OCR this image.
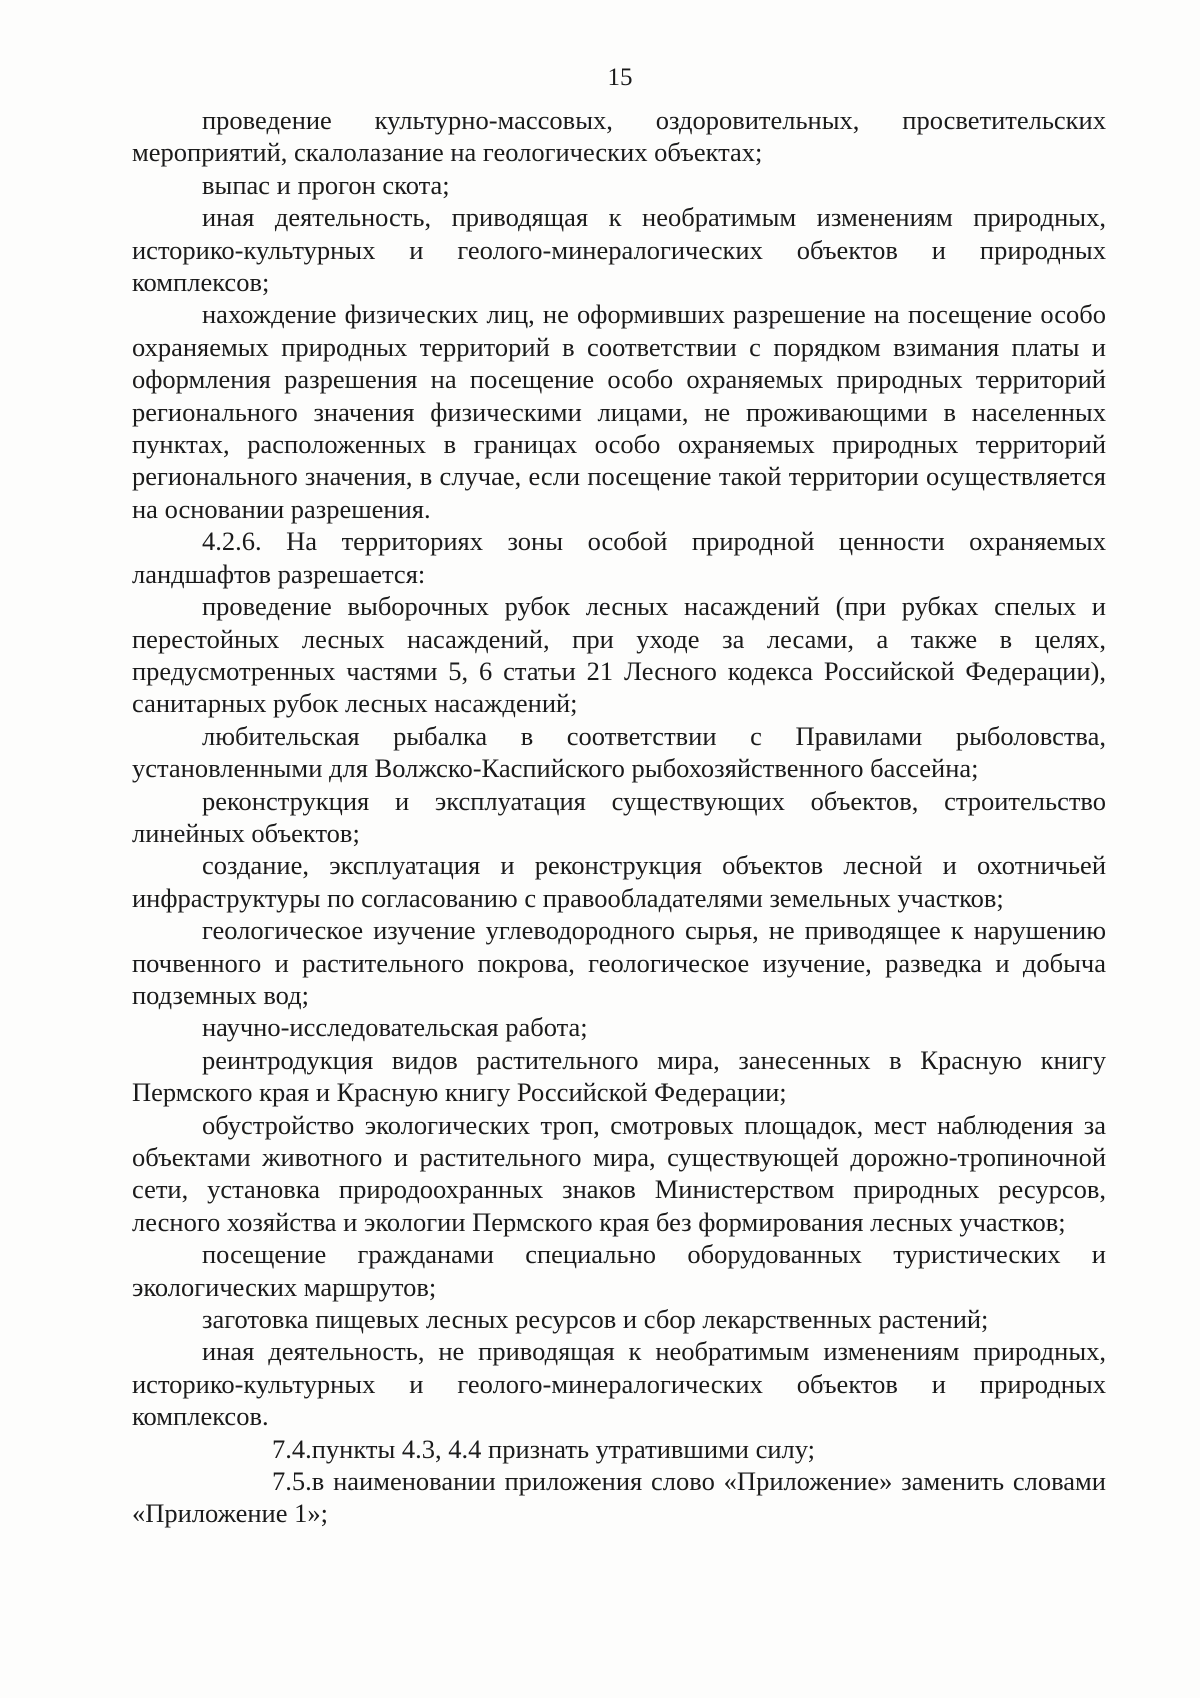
15

проведение культурно-массовых, оздоровительных, просветительских мероприятий, скалолазание на геологических объектах;

выпас и прогон скота;

иная деятельность, приводящая к необратимым изменениям природных, историко-культурных и геолого-минералогических объектов и природных комплексов;

нахождение физических лиц, не оформивших разрешение на посещение особо охраняемых природных территорий в соответствии с порядком взимания платы и оформления разрешения на посещение особо охраняемых природных территорий регионального значения физическими лицами, не проживающими в населенных пунктах, расположенных в границах особо охраняемых природных территорий регионального значения, в случае, если посещение такой территории осуществляется на основании разрешения.

4.2.6. На территориях зоны особой природной ценности охраняемых ландшафтов разрешается:

проведение выборочных рубок лесных насаждений (при рубках спелых и перестойных лесных насаждений, при уходе за лесами, а также в целях, предусмотренных частями 5, 6 статьи 21 Лесного кодекса Российской Федерации), санитарных рубок лесных насаждений;

любительская рыбалка в соответствии с Правилами рыболовства, установленными для Волжско-Каспийского рыбохозяйственного бассейна;

реконструкция и эксплуатация существующих объектов, строительство линейных объектов;

создание, эксплуатация и реконструкция объектов лесной и охотничьей инфраструктуры по согласованию с правообладателями земельных участков;

геологическое изучение углеводородного сырья, не приводящее к нарушению почвенного и растительного покрова, геологическое изучение, разведка и добыча подземных вод;

научно-исследовательская работа;

реинтродукция видов растительного мира, занесенных в Красную книгу Пермского края и Красную книгу Российской Федерации;

обустройство экологических троп, смотровых площадок, мест наблюдения за объектами животного и растительного мира, существующей дорожно-тропиночной сети, установка природоохранных знаков Министерством природных ресурсов, лесного хозяйства и экологии Пермского края без формирования лесных участков;

посещение гражданами специально оборудованных туристических и экологических маршрутов;

заготовка пищевых лесных ресурсов и сбор лекарственных растений;

иная деятельность, не приводящая к необратимым изменениям природных, историко-культурных и геолого-минералогических объектов и природных комплексов.

7.4.пункты 4.3, 4.4 признать утратившими силу;

7.5.в наименовании приложения слово «Приложение» заменить словами «Приложение 1»;
